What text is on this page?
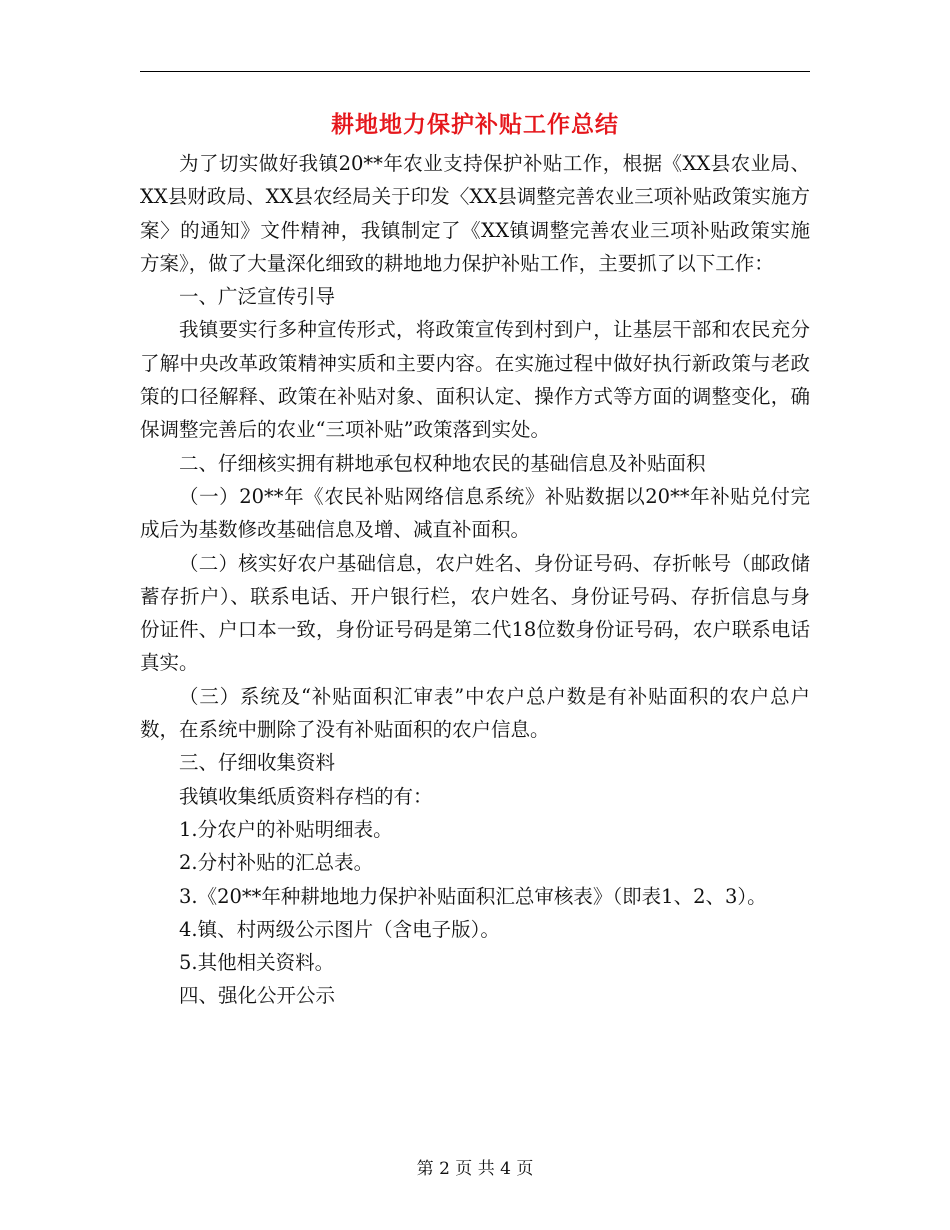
耕地地力保护补贴工作总结

为了切实做好我镇20**年农业支持保护补贴工作，根据《XX县农业局、XX县财政局、XX县农经局关于印发〈XX县调整完善农业三项补贴政策实施方案〉的通知》文件精神，我镇制定了《XX镇调整完善农业三项补贴政策实施方案》，做了大量深化细致的耕地地力保护补贴工作，主要抓了以下工作：

一、广泛宣传引导

我镇要实行多种宣传形式，将政策宣传到村到户，让基层干部和农民充分了解中央改革政策精神实质和主要内容。在实施过程中做好执行新政策与老政策的口径解释、政策在补贴对象、面积认定、操作方式等方面的调整变化，确保调整完善后的农业“三项补贴”政策落到实处。

二、仔细核实拥有耕地承包权种地农民的基础信息及补贴面积

（一）20**年《农民补贴网络信息系统》补贴数据以20**年补贴兑付完成后为基数修改基础信息及增、减直补面积。

（二）核实好农户基础信息，农户姓名、身份证号码、存折帐号（邮政储蓄存折户）、联系电话、开户银行栏，农户姓名、身份证号码、存折信息与身份证件、户口本一致，身份证号码是第二代18位数身份证号码，农户联系电话真实。

（三）系统及“补贴面积汇审表”中农户总户数是有补贴面积的农户总户数，在系统中删除了没有补贴面积的农户信息。

三、仔细收集资料

我镇收集纸质资料存档的有：

1.分农户的补贴明细表。

2.分村补贴的汇总表。

3.《20**年种耕地地力保护补贴面积汇总审核表》（即表1、2、3）。

4.镇、村两级公示图片（含电子版）。

5.其他相关资料。

四、强化公开公示

第 2 页 共 4 页
